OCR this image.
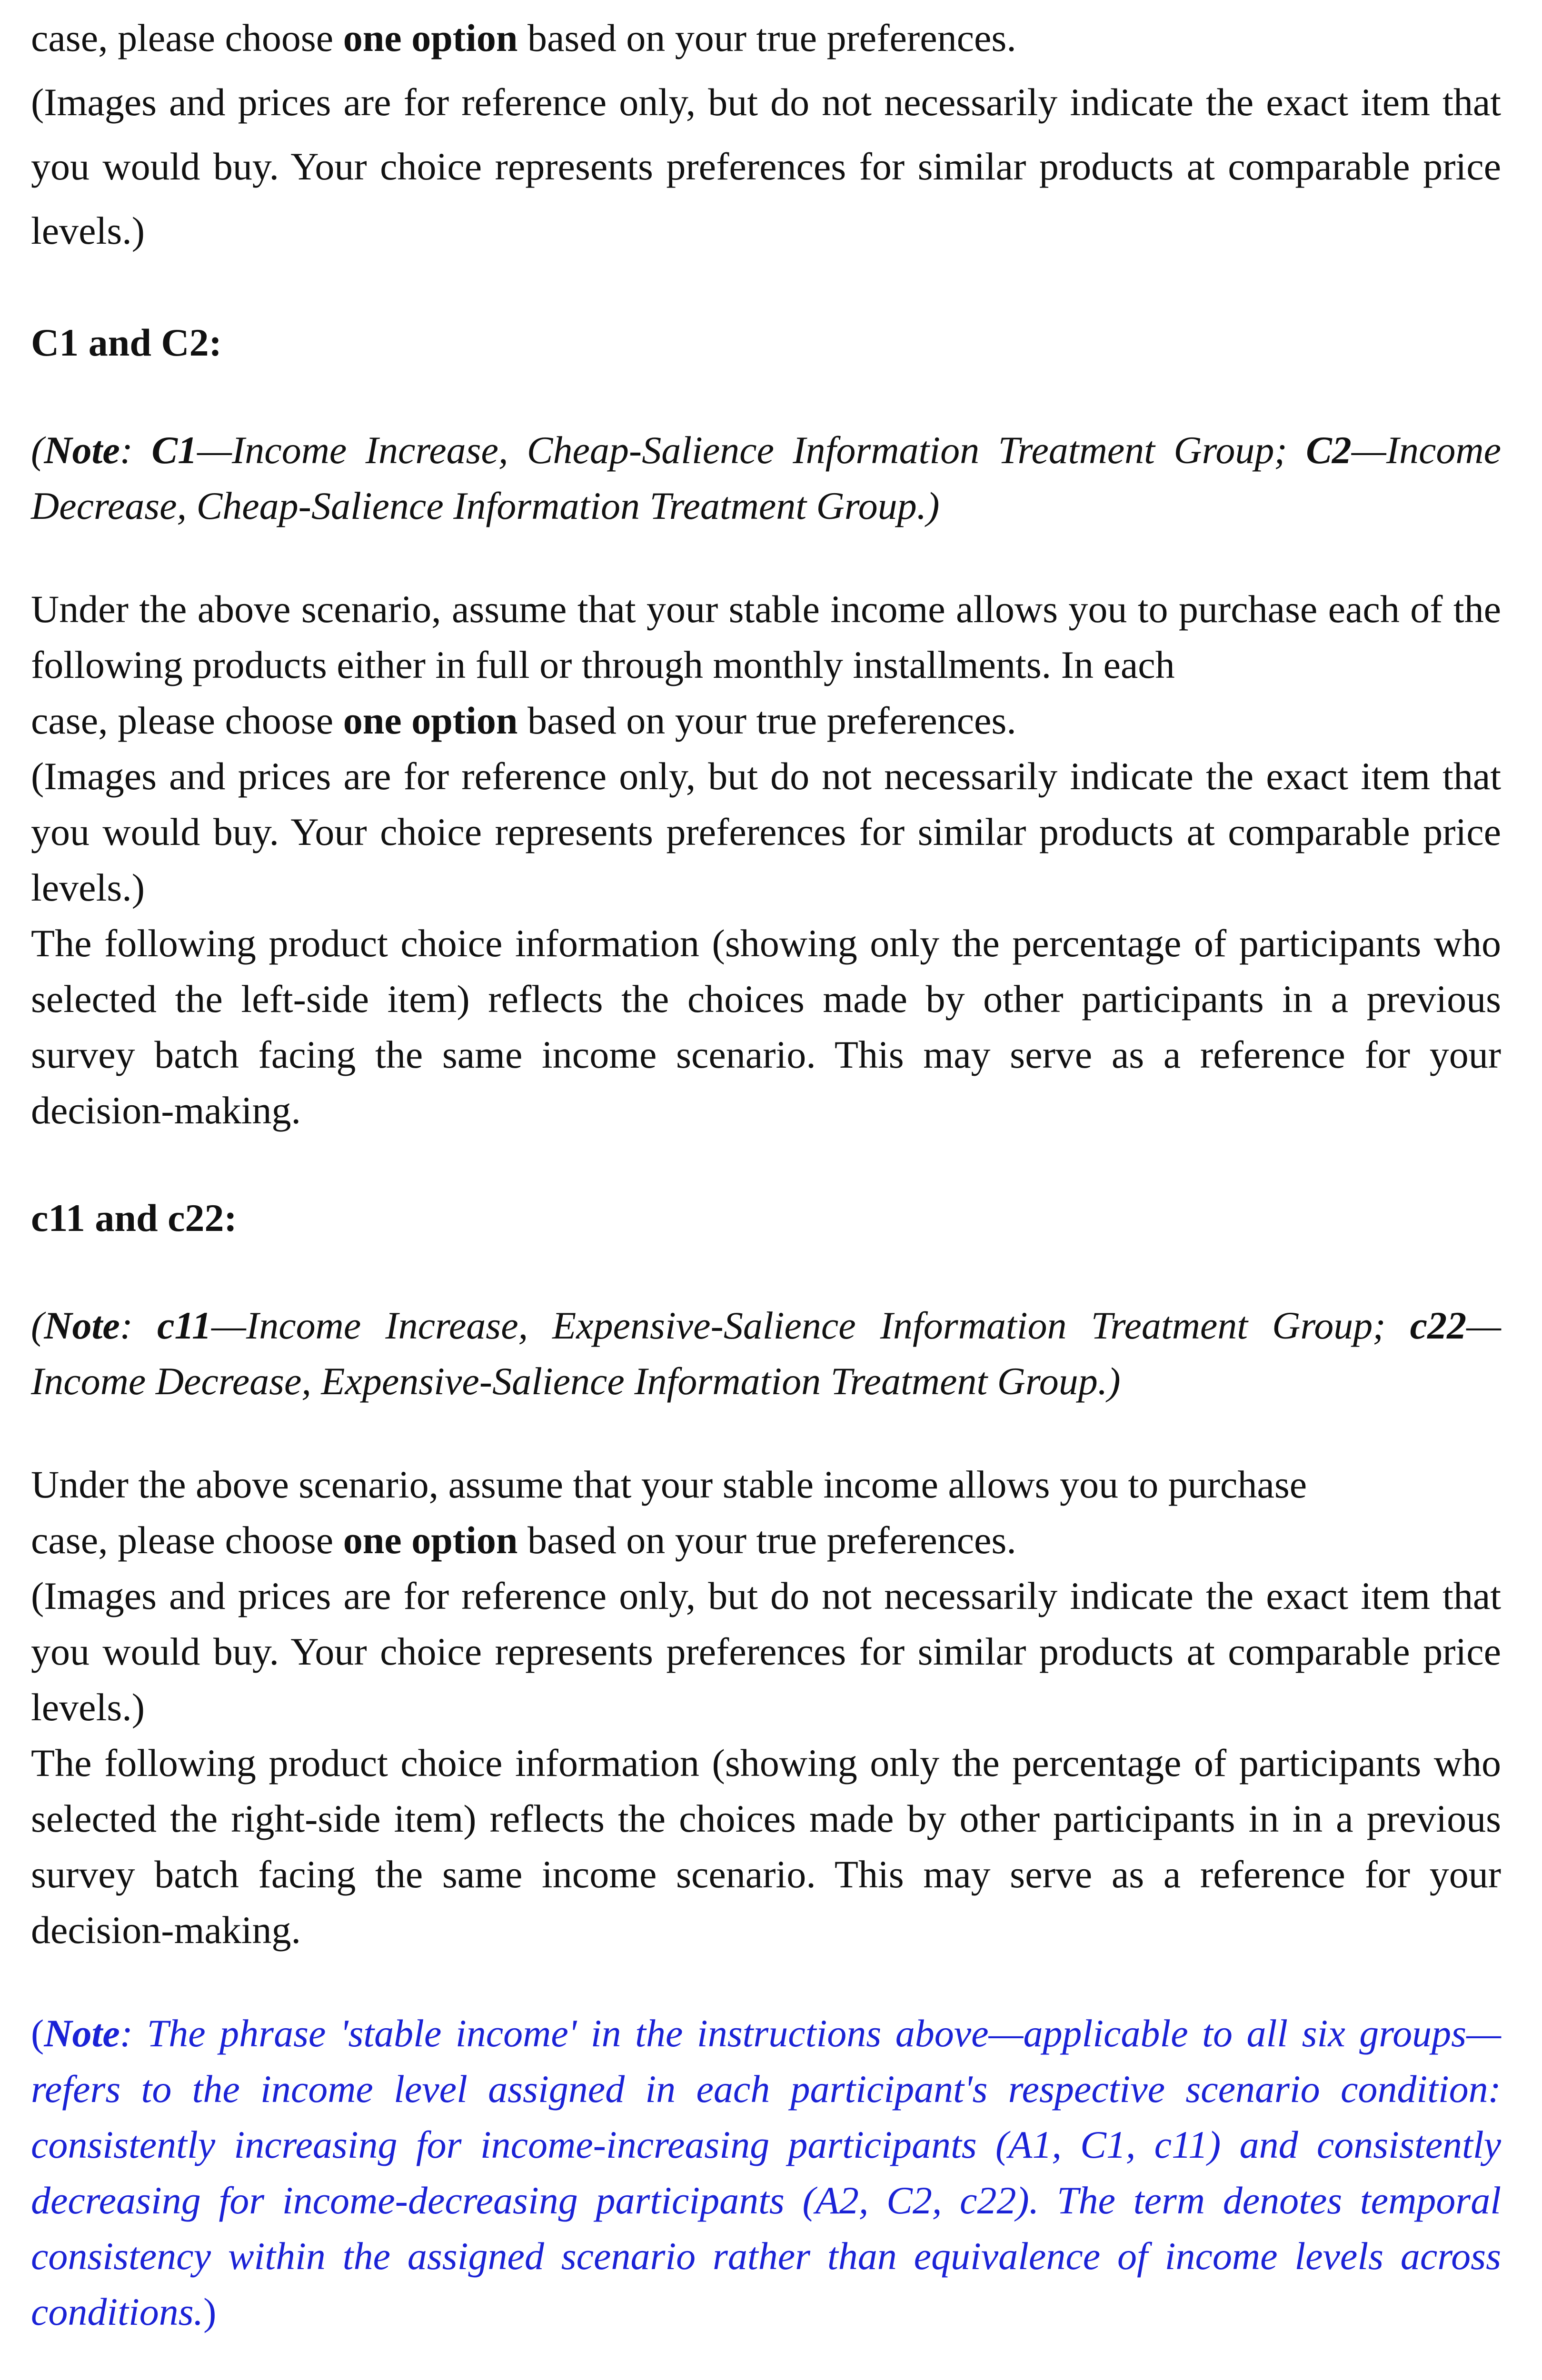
case, please choose one option based on your true preferences.

(Images and prices are for reference only, but do not necessarily indicate the exact item that you would buy. Your choice represents preferences for similar products at comparable price levels.)

C1 and C2:

(Note: C1—Income Increase, Cheap-Salience Information Treatment Group; C2—Income Decrease, Cheap-Salience Information Treatment Group.)

Under the above scenario, assume that your stable income allows you to purchase each of the following products either in full or through monthly installments. In each

case, please choose one option based on your true preferences.

(Images and prices are for reference only, but do not necessarily indicate the exact item that you would buy. Your choice represents preferences for similar products at comparable price levels.)

The following product choice information (showing only the percentage of participants who selected the left-side item) reflects the choices made by other participants in a previous survey batch facing the same income scenario. This may serve as a reference for your decision-making.

c11 and c22:

(Note: c11—Income Increase, Expensive-Salience Information Treatment Group; c22—Income Decrease, Expensive-Salience Information Treatment Group.)

Under the above scenario, assume that your stable income allows you to purchase

case, please choose one option based on your true preferences.

(Images and prices are for reference only, but do not necessarily indicate the exact item that you would buy. Your choice represents preferences for similar products at comparable price levels.)

The following product choice information (showing only the percentage of participants who selected the right-side item) reflects the choices made by other participants in in a previous survey batch facing the same income scenario. This may serve as a reference for your decision-making.

(Note: The phrase 'stable income' in the instructions above—applicable to all six groups—refers to the income level assigned in each participant's respective scenario condition: consistently increasing for income-increasing participants (A1, C1, c11) and consistently decreasing for income-decreasing participants (A2, C2, c22). The term denotes temporal consistency within the assigned scenario rather than equivalence of income levels across conditions.)
